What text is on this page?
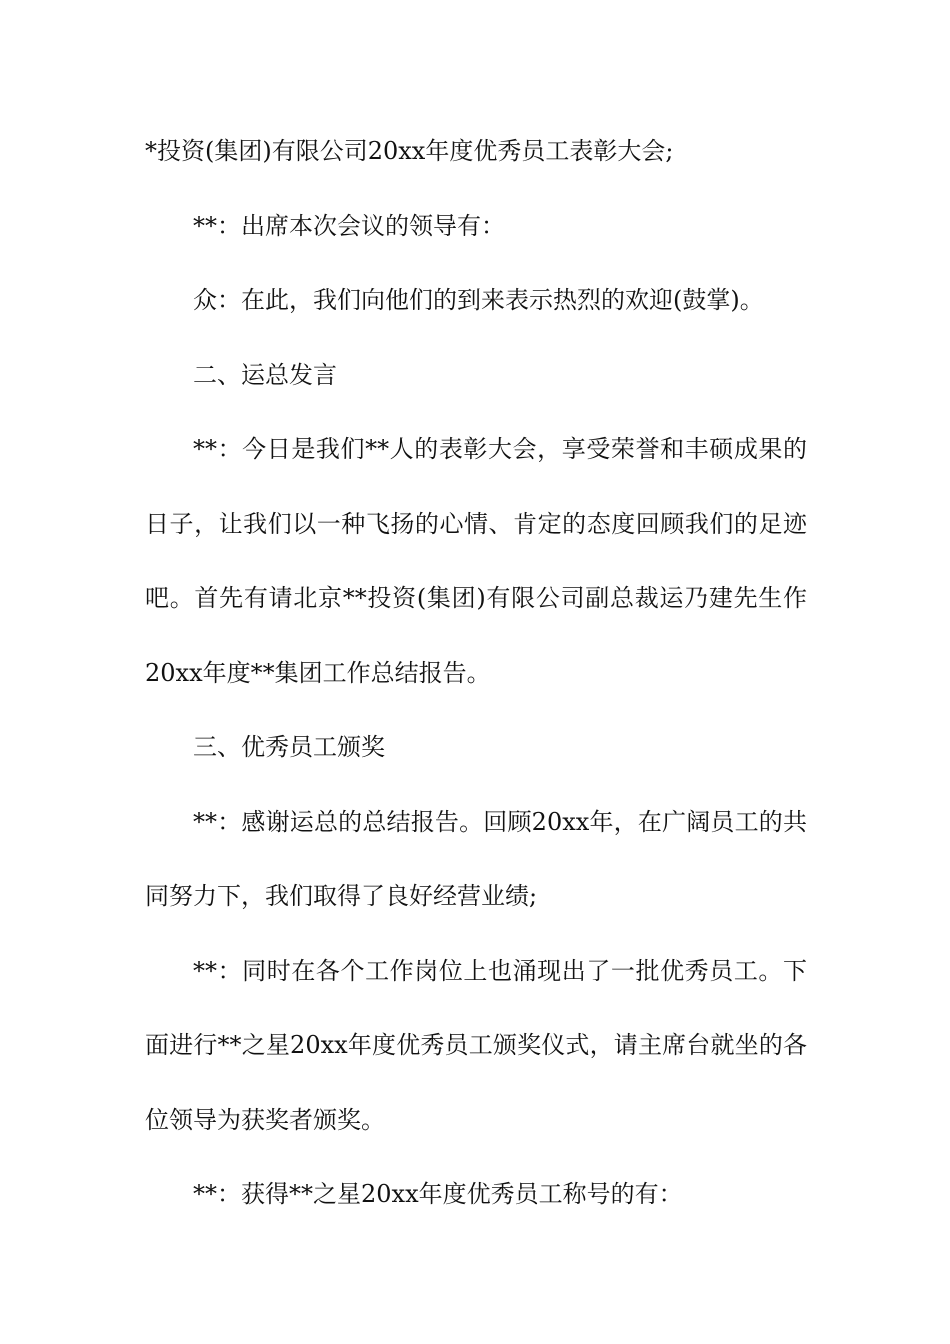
*投资(集团)有限公司20xx年度优秀员工表彰大会;
**：出席本次会议的领导有：
众：在此，我们向他们的到来表示热烈的欢迎(鼓掌)。
二、运总发言
**：今日是我们**人的表彰大会，享受荣誉和丰硕成果的
日子，让我们以一种飞扬的心情、肯定的态度回顾我们的足迹
吧。首先有请北京**投资(集团)有限公司副总裁运乃建先生作
20xx年度**集团工作总结报告。
三、优秀员工颁奖
**：感谢运总的总结报告。回顾20xx年，在广阔员工的共
同努力下，我们取得了良好经营业绩;
**：同时在各个工作岗位上也涌现出了一批优秀员工。下
面进行**之星20xx年度优秀员工颁奖仪式，请主席台就坐的各
位领导为获奖者颁奖。
**：获得**之星20xx年度优秀员工称号的有：
